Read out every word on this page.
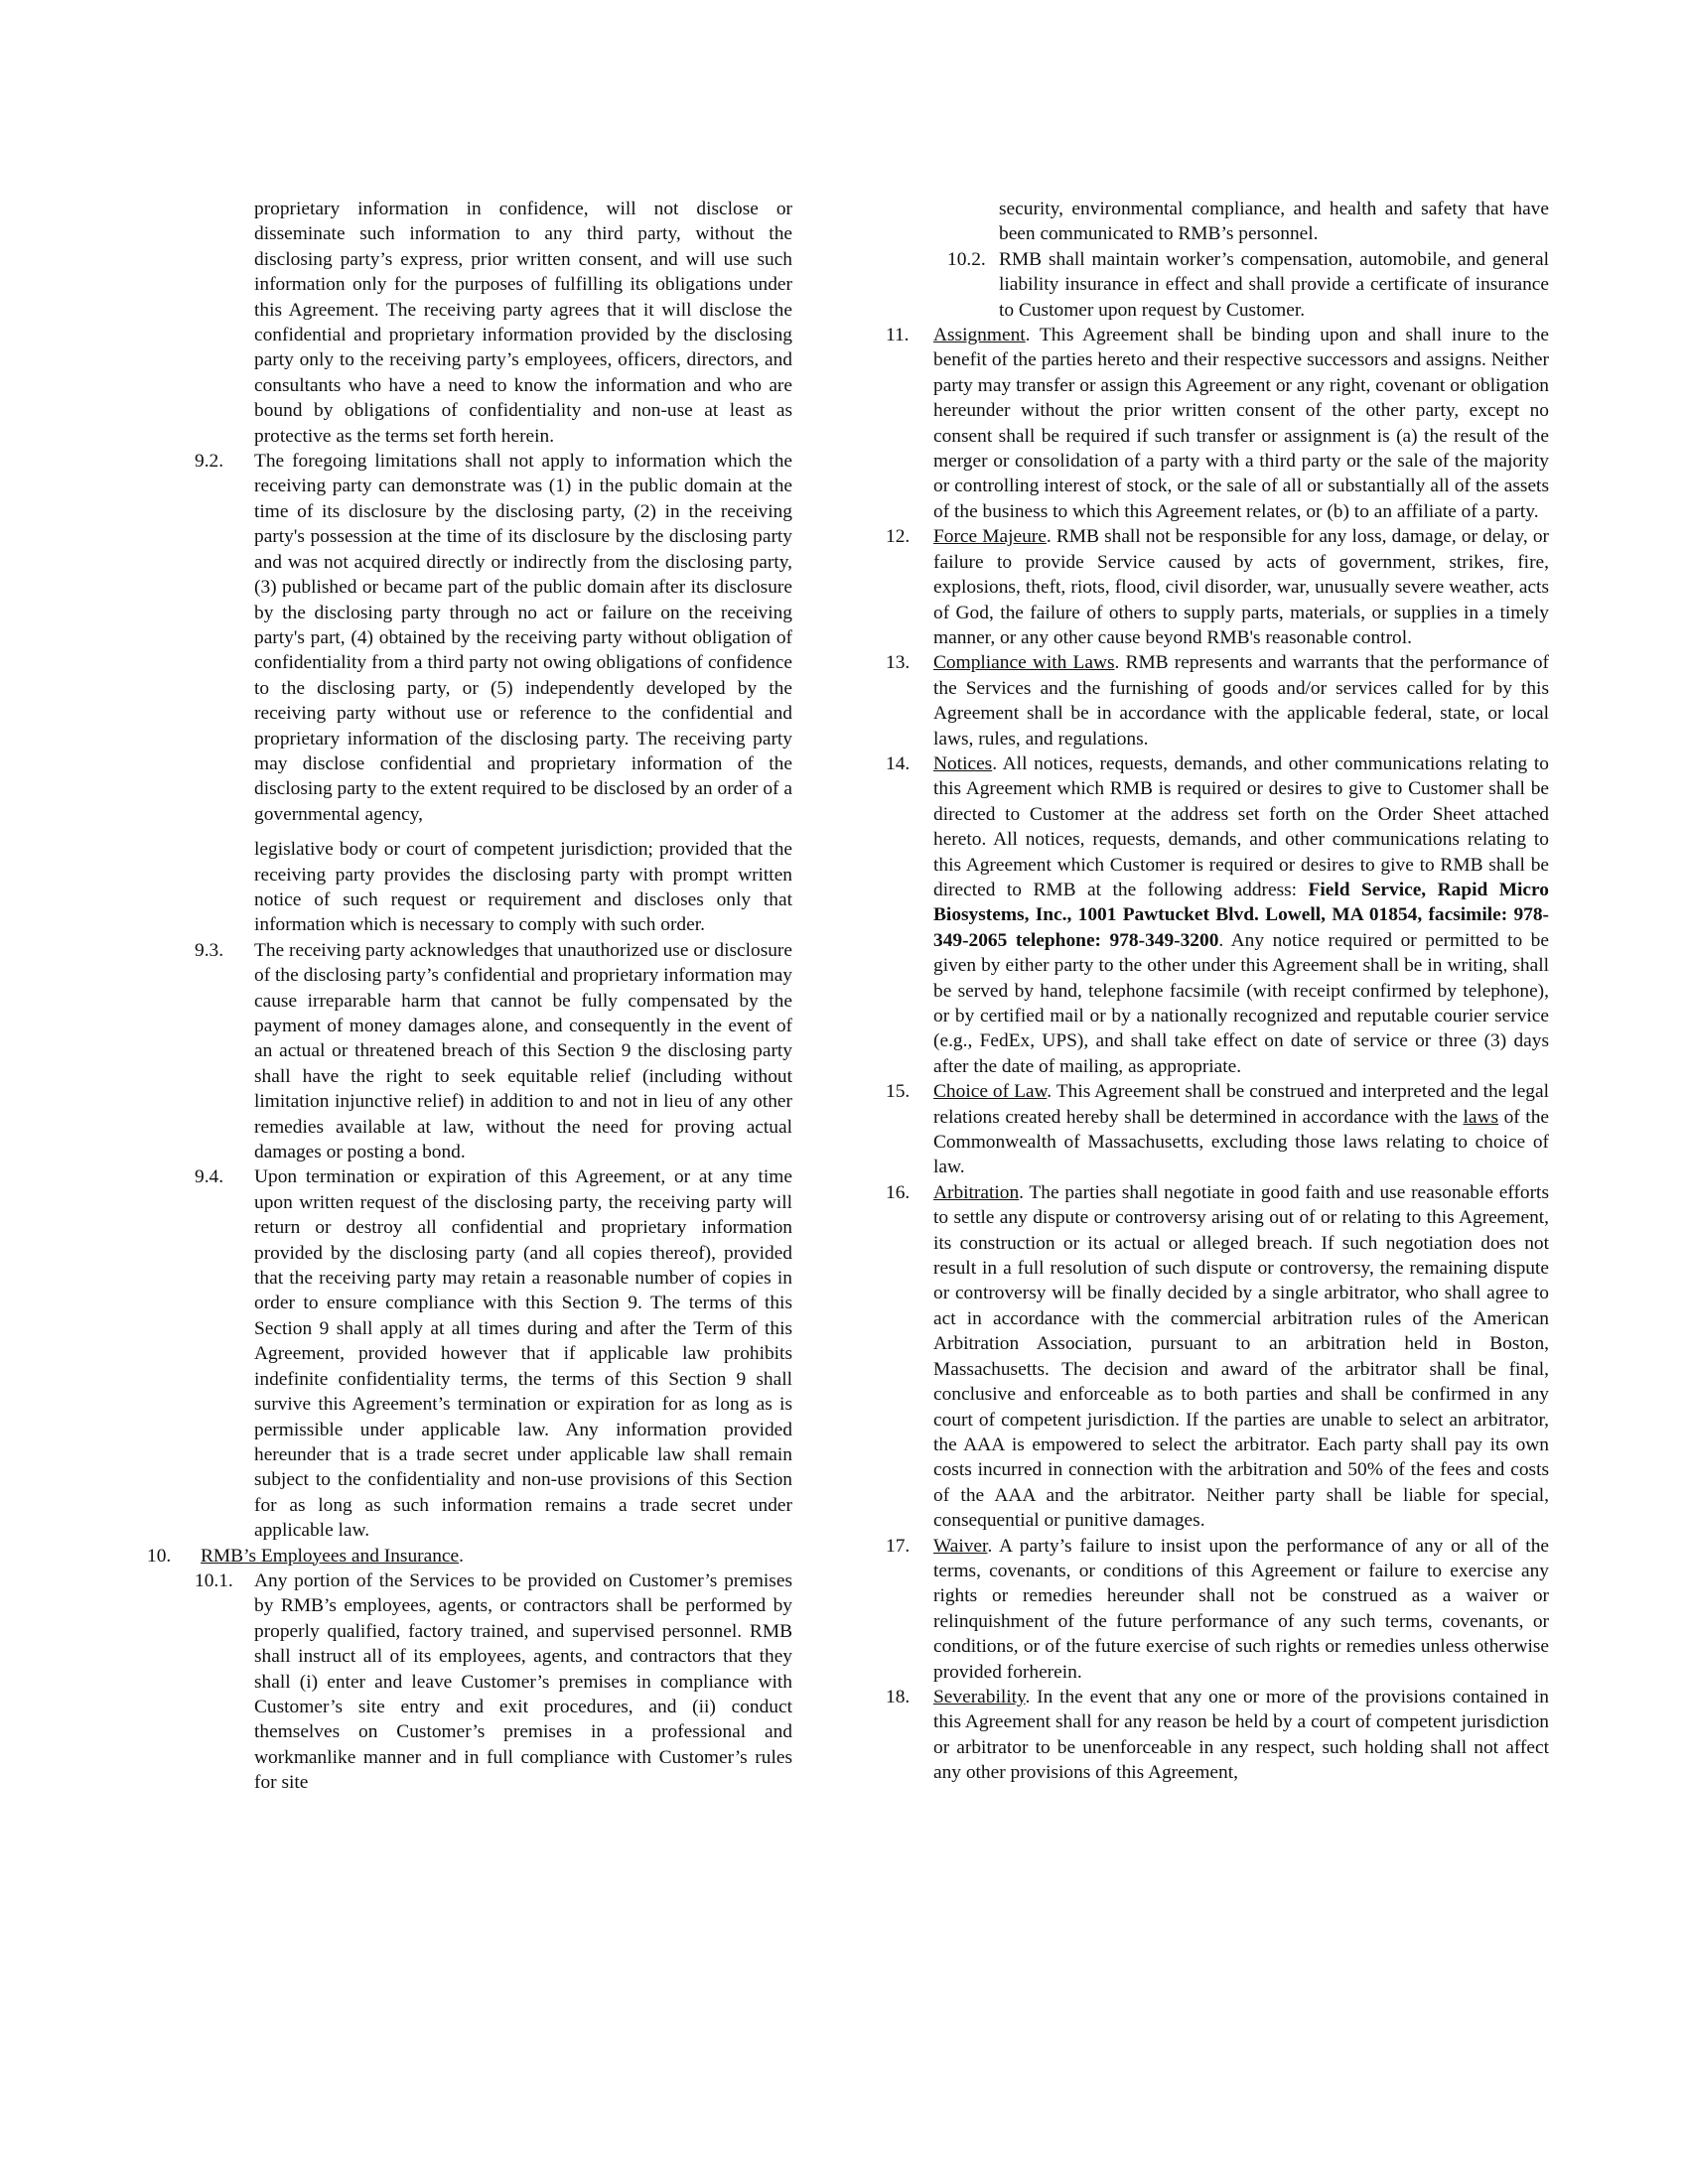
proprietary information in confidence, will not disclose or disseminate such information to any third party, without the disclosing party’s express, prior written consent, and will use such information only for the purposes of fulfilling its obligations under this Agreement. The receiving party agrees that it will disclose the confidential and proprietary information provided by the disclosing party only to the receiving party’s employees, officers, directors, and consultants who have a need to know the information and who are bound by obligations of confidentiality and non-use at least as protective as the terms set forth herein.

9.2. The foregoing limitations shall not apply to information which the receiving party can demonstrate was (1) in the public domain at the time of its disclosure by the disclosing party, (2) in the receiving party's possession at the time of its disclosure by the disclosing party and was not acquired directly or indirectly from the disclosing party, (3) published or became part of the public domain after its disclosure by the disclosing party through no act or failure on the receiving party's part, (4) obtained by the receiving party without obligation of confidentiality from a third party not owing obligations of confidence to the disclosing party, or (5) independently developed by the receiving party without use or reference to the confidential and proprietary information of the disclosing party. The receiving party may disclose confidential and proprietary information of the disclosing party to the extent required to be disclosed by an order of a governmental agency,

legislative body or court of competent jurisdiction; provided that the receiving party provides the disclosing party with prompt written notice of such request or requirement and discloses only that information which is necessary to comply with such order.

9.3. The receiving party acknowledges that unauthorized use or disclosure of the disclosing party’s confidential and proprietary information may cause irreparable harm that cannot be fully compensated by the payment of money damages alone, and consequently in the event of an actual or threatened breach of this Section 9 the disclosing party shall have the right to seek equitable relief (including without limitation injunctive relief) in addition to and not in lieu of any other remedies available at law, without the need for proving actual damages or posting a bond.

9.4. Upon termination or expiration of this Agreement, or at any time upon written request of the disclosing party, the receiving party will return or destroy all confidential and proprietary information provided by the disclosing party (and all copies thereof), provided that the receiving party may retain a reasonable number of copies in order to ensure compliance with this Section 9. The terms of this Section 9 shall apply at all times during and after the Term of this Agreement, provided however that if applicable law prohibits indefinite confidentiality terms, the terms of this Section 9 shall survive this Agreement’s termination or expiration for as long as is permissible under applicable law. Any information provided hereunder that is a trade secret under applicable law shall remain subject to the confidentiality and non-use provisions of this Section for as long as such information remains a trade secret under applicable law.

10. RMB’s Employees and Insurance.

10.1. Any portion of the Services to be provided on Customer’s premises by RMB’s employees, agents, or contractors shall be performed by properly qualified, factory trained, and supervised personnel. RMB shall instruct all of its employees, agents, and contractors that they shall (i) enter and leave Customer’s premises in compliance with Customer’s site entry and exit procedures, and (ii) conduct themselves on Customer’s premises in a professional and workmanlike manner and in full compliance with Customer’s rules for site

security, environmental compliance, and health and safety that have been communicated to RMB’s personnel.

10.2. RMB shall maintain worker’s compensation, automobile, and general liability insurance in effect and shall provide a certificate of insurance to Customer upon request by Customer.

11. Assignment. This Agreement shall be binding upon and shall inure to the benefit of the parties hereto and their respective successors and assigns. Neither party may transfer or assign this Agreement or any right, covenant or obligation hereunder without the prior written consent of the other party, except no consent shall be required if such transfer or assignment is (a) the result of the merger or consolidation of a party with a third party or the sale of the majority or controlling interest of stock, or the sale of all or substantially all of the assets of the business to which this Agreement relates, or (b) to an affiliate of a party.

12. Force Majeure. RMB shall not be responsible for any loss, damage, or delay, or failure to provide Service caused by acts of government, strikes, fire, explosions, theft, riots, flood, civil disorder, war, unusually severe weather, acts of God, the failure of others to supply parts, materials, or supplies in a timely manner, or any other cause beyond RMB's reasonable control.

13. Compliance with Laws. RMB represents and warrants that the performance of the Services and the furnishing of goods and/or services called for by this Agreement shall be in accordance with the applicable federal, state, or local laws, rules, and regulations.

14. Notices. All notices, requests, demands, and other communications relating to this Agreement which RMB is required or desires to give to Customer shall be directed to Customer at the address set forth on the Order Sheet attached hereto. All notices, requests, demands, and other communications relating to this Agreement which Customer is required or desires to give to RMB shall be directed to RMB at the following address: Field Service, Rapid Micro Biosystems, Inc., 1001 Pawtucket Blvd. Lowell, MA 01854, facsimile: 978-349-2065 telephone: 978-349-3200. Any notice required or permitted to be given by either party to the other under this Agreement shall be in writing, shall be served by hand, telephone facsimile (with receipt confirmed by telephone), or by certified mail or by a nationally recognized and reputable courier service (e.g., FedEx, UPS), and shall take effect on date of service or three (3) days after the date of mailing, as appropriate.

15. Choice of Law. This Agreement shall be construed and interpreted and the legal relations created hereby shall be determined in accordance with the laws of the Commonwealth of Massachusetts, excluding those laws relating to choice of law.

16. Arbitration. The parties shall negotiate in good faith and use reasonable efforts to settle any dispute or controversy arising out of or relating to this Agreement, its construction or its actual or alleged breach. If such negotiation does not result in a full resolution of such dispute or controversy, the remaining dispute or controversy will be finally decided by a single arbitrator, who shall agree to act in accordance with the commercial arbitration rules of the American Arbitration Association, pursuant to an arbitration held in Boston, Massachusetts. The decision and award of the arbitrator shall be final, conclusive and enforceable as to both parties and shall be confirmed in any court of competent jurisdiction. If the parties are unable to select an arbitrator, the AAA is empowered to select the arbitrator. Each party shall pay its own costs incurred in connection with the arbitration and 50% of the fees and costs of the AAA and the arbitrator. Neither party shall be liable for special, consequential or punitive damages.

17. Waiver. A party’s failure to insist upon the performance of any or all of the terms, covenants, or conditions of this Agreement or failure to exercise any rights or remedies hereunder shall not be construed as a waiver or relinquishment of the future performance of any such terms, covenants, or conditions, or of the future exercise of such rights or remedies unless otherwise provided forherein.

18. Severability. In the event that any one or more of the provisions contained in this Agreement shall for any reason be held by a court of competent jurisdiction or arbitrator to be unenforceable in any respect, such holding shall not affect any other provisions of this Agreement,
